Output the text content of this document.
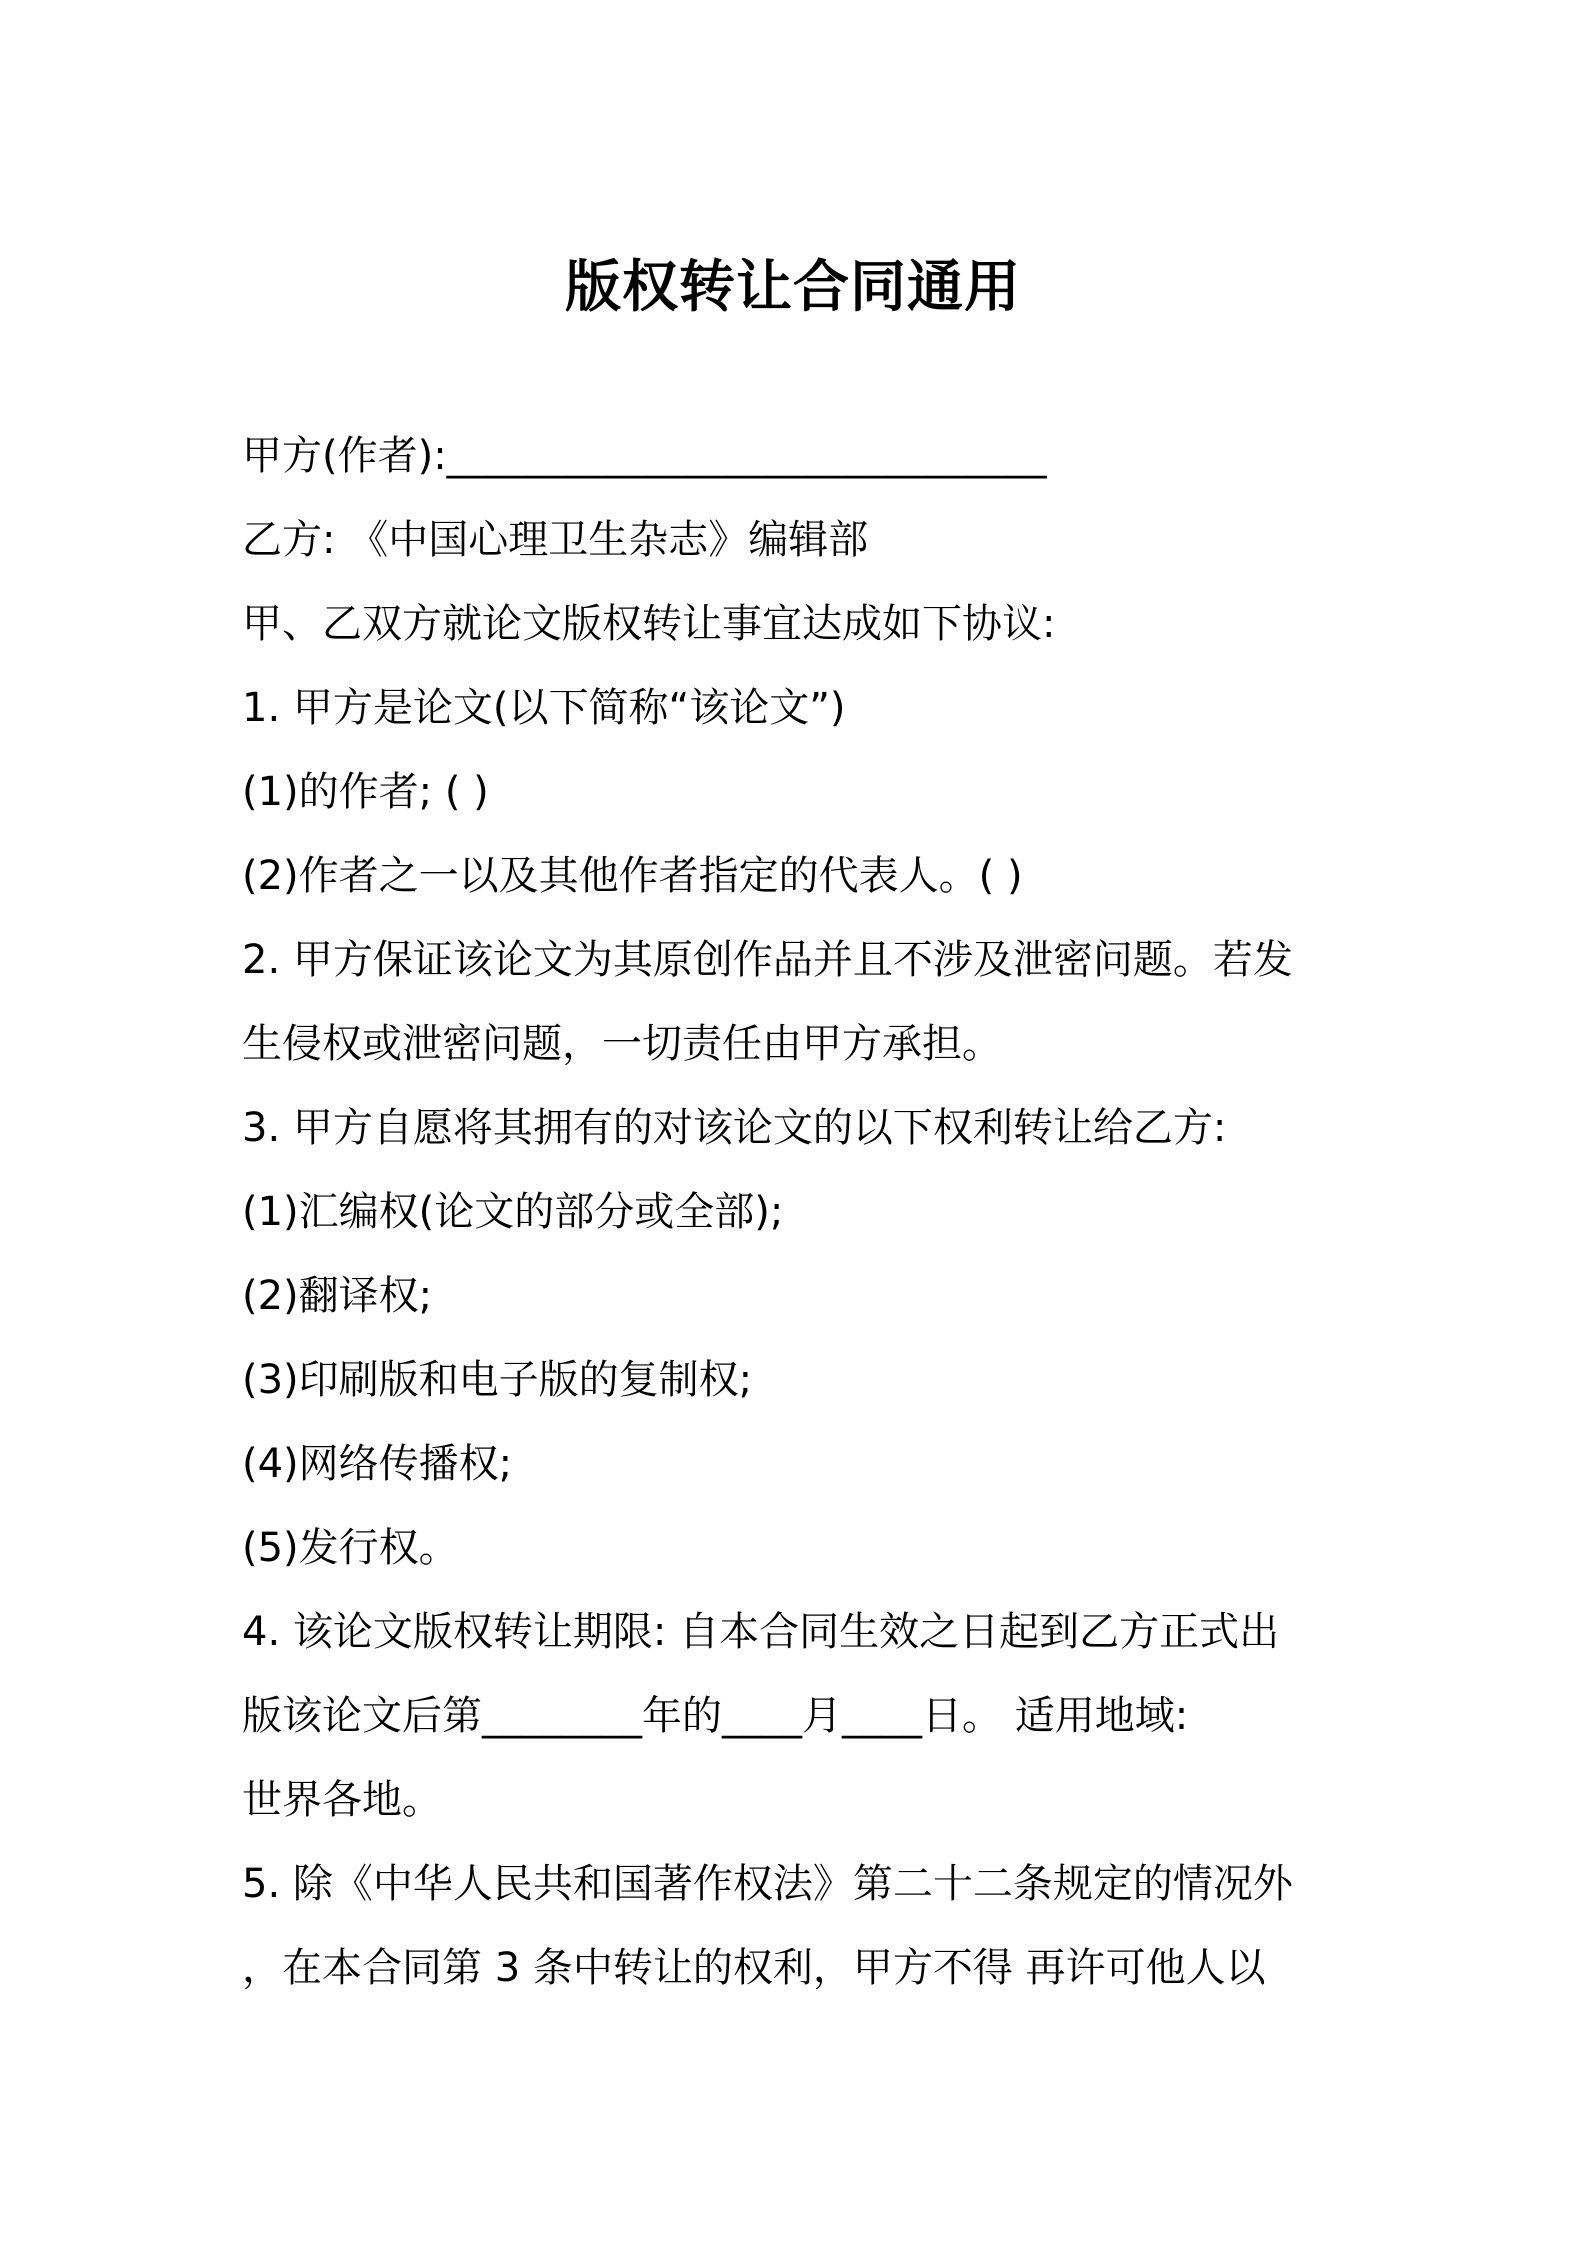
版权转让合同通用
甲方(作者):______________________________
乙方: 《中国心理卫生杂志》编辑部
甲、乙双方就论文版权转让事宜达成如下协议:
1. 甲方是论文(以下简称“该论文”)
(1)的作者; ( )
(2)作者之一以及其他作者指定的代表人。( )
2. 甲方保证该论文为其原创作品并且不涉及泄密问题。若发
生侵权或泄密问题，一切责任由甲方承担。
3. 甲方自愿将其拥有的对该论文的以下权利转让给乙方:
(1)汇编权(论文的部分或全部);
(2)翻译权;
(3)印刷版和电子版的复制权;
(4)网络传播权;
(5)发行权。
4. 该论文版权转让期限: 自本合同生效之日起到乙方正式出
版该论文后第________年的____月____日。 适用地域:
世界各地。
5. 除《中华人民共和国著作权法》第二十二条规定的情况外
，在本合同第 3 条中转让的权利，甲方不得 再许可他人以
